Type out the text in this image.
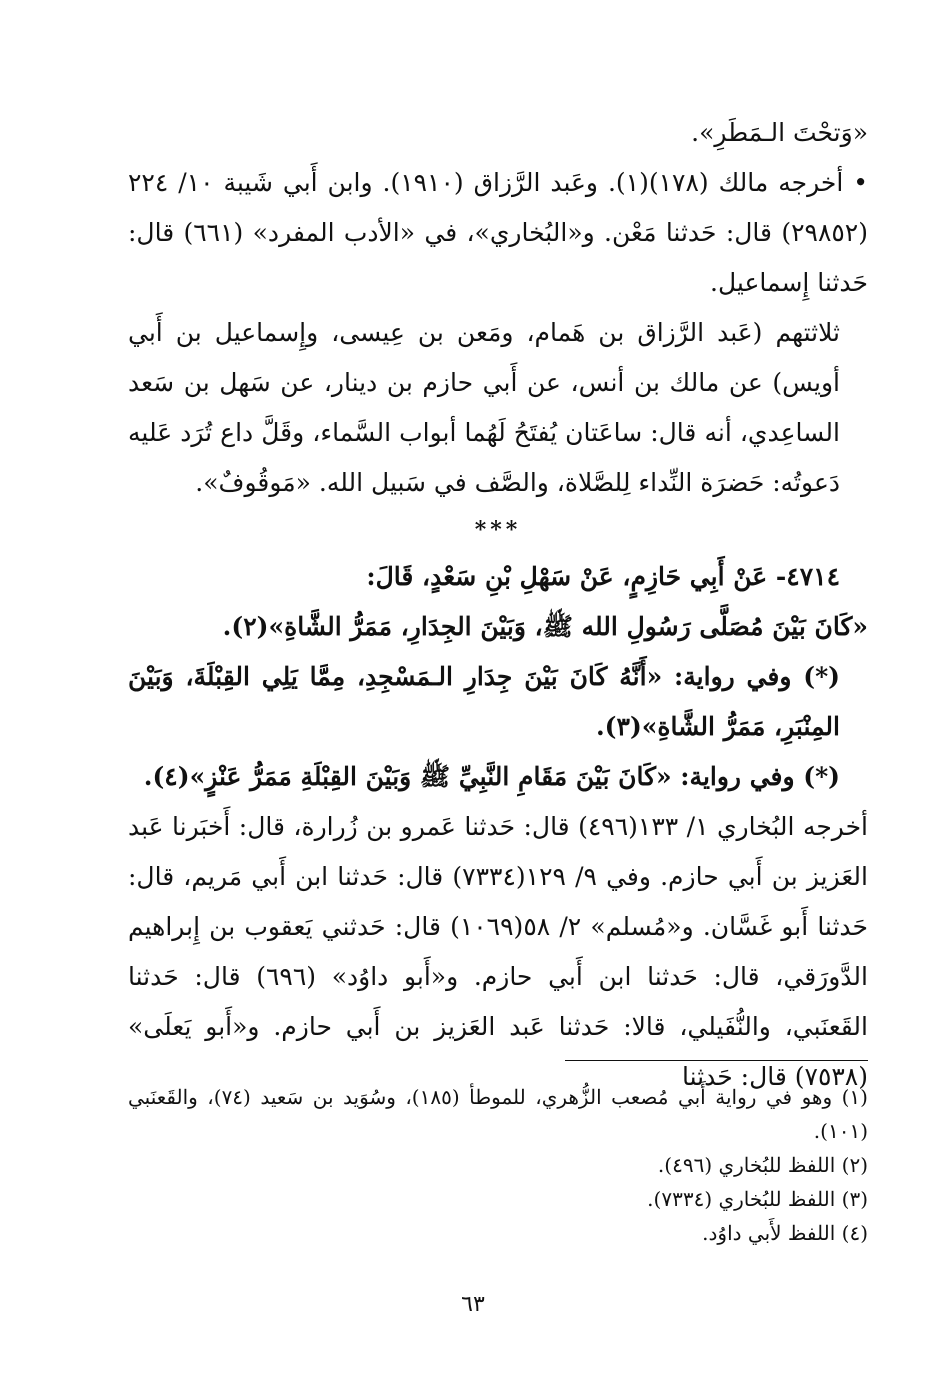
«وَتحْتَ الـمَطَرِ».

• أخرجه مالك (١٧٨)(١). وعَبد الرَّزاق (١٩١٠). وابن أَبي شَيبة ١٠/ ٢٢٤ (٢٩٨٥٢) قال: حَدثنا مَعْن. و«البُخاري»، في «الأدب المفرد» (٦٦١) قال: حَدثنا إِسماعيل.

ثلاثتهم (عَبد الرَّزاق بن هَمام، ومَعن بن عِيسى، وإِسماعيل بن أَبي أويس) عن مالك بن أنس، عن أَبي حازم بن دينار، عن سَهل بن سَعد الساعِدي، أنه قال: ساعَتان يُفتَحُ لَهُما أبواب السَّماء، وقَلَّ داع تُرَد عَليه دَعوتُه: حَضرَة النِّداء لِلصَّلاة، والصَّف في سَبيل الله. «مَوقُوفٌ».

***

٤٧١٤- عَنْ أَبِي حَازِمٍ، عَنْ سَهْلِ بْنِ سَعْدٍ، قَالَ:

«كَانَ بَيْنَ مُصَلَّى رَسُولِ الله ﷺ، وَبَيْنَ الجِدَارِ، مَمَرُّ الشَّاةِ»(٢).

(*) وفي رواية: «أَنَّهُ كَانَ بَيْنَ جِدَارِ الـمَسْجِدِ، مِمَّا يَلِي القِبْلَةَ، وَبَيْنَ المِنْبَرِ، مَمَرُّ الشَّاةِ»(٣).

(*) وفي رواية: «كَانَ بَيْنَ مَقَامِ النَّبِيِّ ﷺ وَبَيْنَ القِبْلَةِ مَمَرُّ عَنْزٍ»(٤).

أخرجه البُخاري ١/ ١٣٣(٤٩٦) قال: حَدثنا عَمرو بن زُرارة، قال: أَخبَرنا عَبد العَزيز بن أَبي حازم. وفي ٩/ ١٢٩(٧٣٣٤) قال: حَدثنا ابن أَبي مَريم، قال: حَدثنا أَبو غَسَّان. و«مُسلم» ٢/ ٥٨(١٠٦٩) قال: حَدثني يَعقوب بن إِبراهيم الدَّورَقي، قال: حَدثنا ابن أَبي حازم. و«أَبو داوُد» (٦٩٦) قال: حَدثنا القَعنَبي، والنُّفَيلي، قالا: حَدثنا عَبد العَزيز بن أَبي حازم. و«أَبو يَعلَى» (٧٥٣٨) قال: حَدثنا

(١) وهو في رواية أَبي مُصعب الزُّهري، للموطأ (١٨٥)، وسُوَيد بن سَعيد (٧٤)، والقَعنَبي (١٠١).

(٢) اللفظ للبُخاري (٤٩٦).

(٣) اللفظ للبُخاري (٧٣٣٤).

(٤) اللفظ لأَبي داوُد.

٦٣
